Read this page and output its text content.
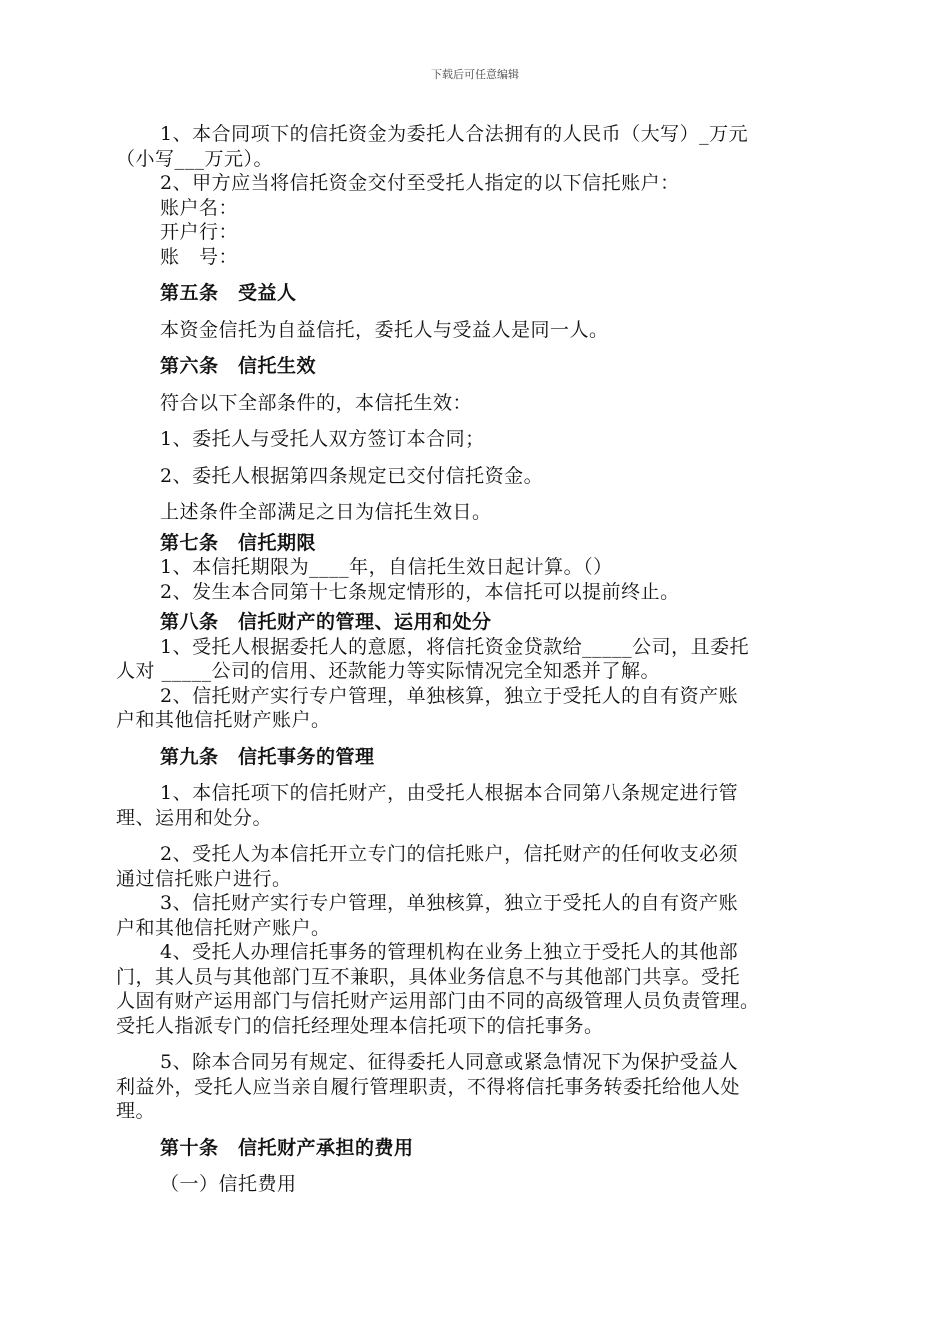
下载后可任意编辑

1、本合同项下的信托资金为委托人合法拥有的人民币（大写）_万元

（小写___万元）。

2、甲方应当将信托资金交付至受托人指定的以下信托账户：

账户名：

开户行：

账　号：

第五条　受益人

本资金信托为自益信托，委托人与受益人是同一人。

第六条　信托生效

符合以下全部条件的，本信托生效：

1、委托人与受托人双方签订本合同；

2、委托人根据第四条规定已交付信托资金。

上述条件全部满足之日为信托生效日。

第七条　信托期限

1、本信托期限为____年，自信托生效日起计算。（）

2、发生本合同第十七条规定情形的，本信托可以提前终止。

第八条　信托财产的管理、运用和处分

1、受托人根据委托人的意愿，将信托资金贷款给_____公司，且委托

人对 _____公司的信用、还款能力等实际情况完全知悉并了解。

2、信托财产实行专户管理，单独核算，独立于受托人的自有资产账

户和其他信托财产账户。

第九条　信托事务的管理

1、本信托项下的信托财产，由受托人根据本合同第八条规定进行管

理、运用和处分。

2、受托人为本信托开立专门的信托账户，信托财产的任何收支必须

通过信托账户进行。

3、信托财产实行专户管理，单独核算，独立于受托人的自有资产账

户和其他信托财产账户。

4、受托人办理信托事务的管理机构在业务上独立于受托人的其他部

门，其人员与其他部门互不兼职，具体业务信息不与其他部门共享。受托

人固有财产运用部门与信托财产运用部门由不同的高级管理人员负责管理。

受托人指派专门的信托经理处理本信托项下的信托事务。

5、除本合同另有规定、征得委托人同意或紧急情况下为保护受益人

利益外，受托人应当亲自履行管理职责，不得将信托事务转委托给他人处

理。

第十条　信托财产承担的费用

（一）信托费用
